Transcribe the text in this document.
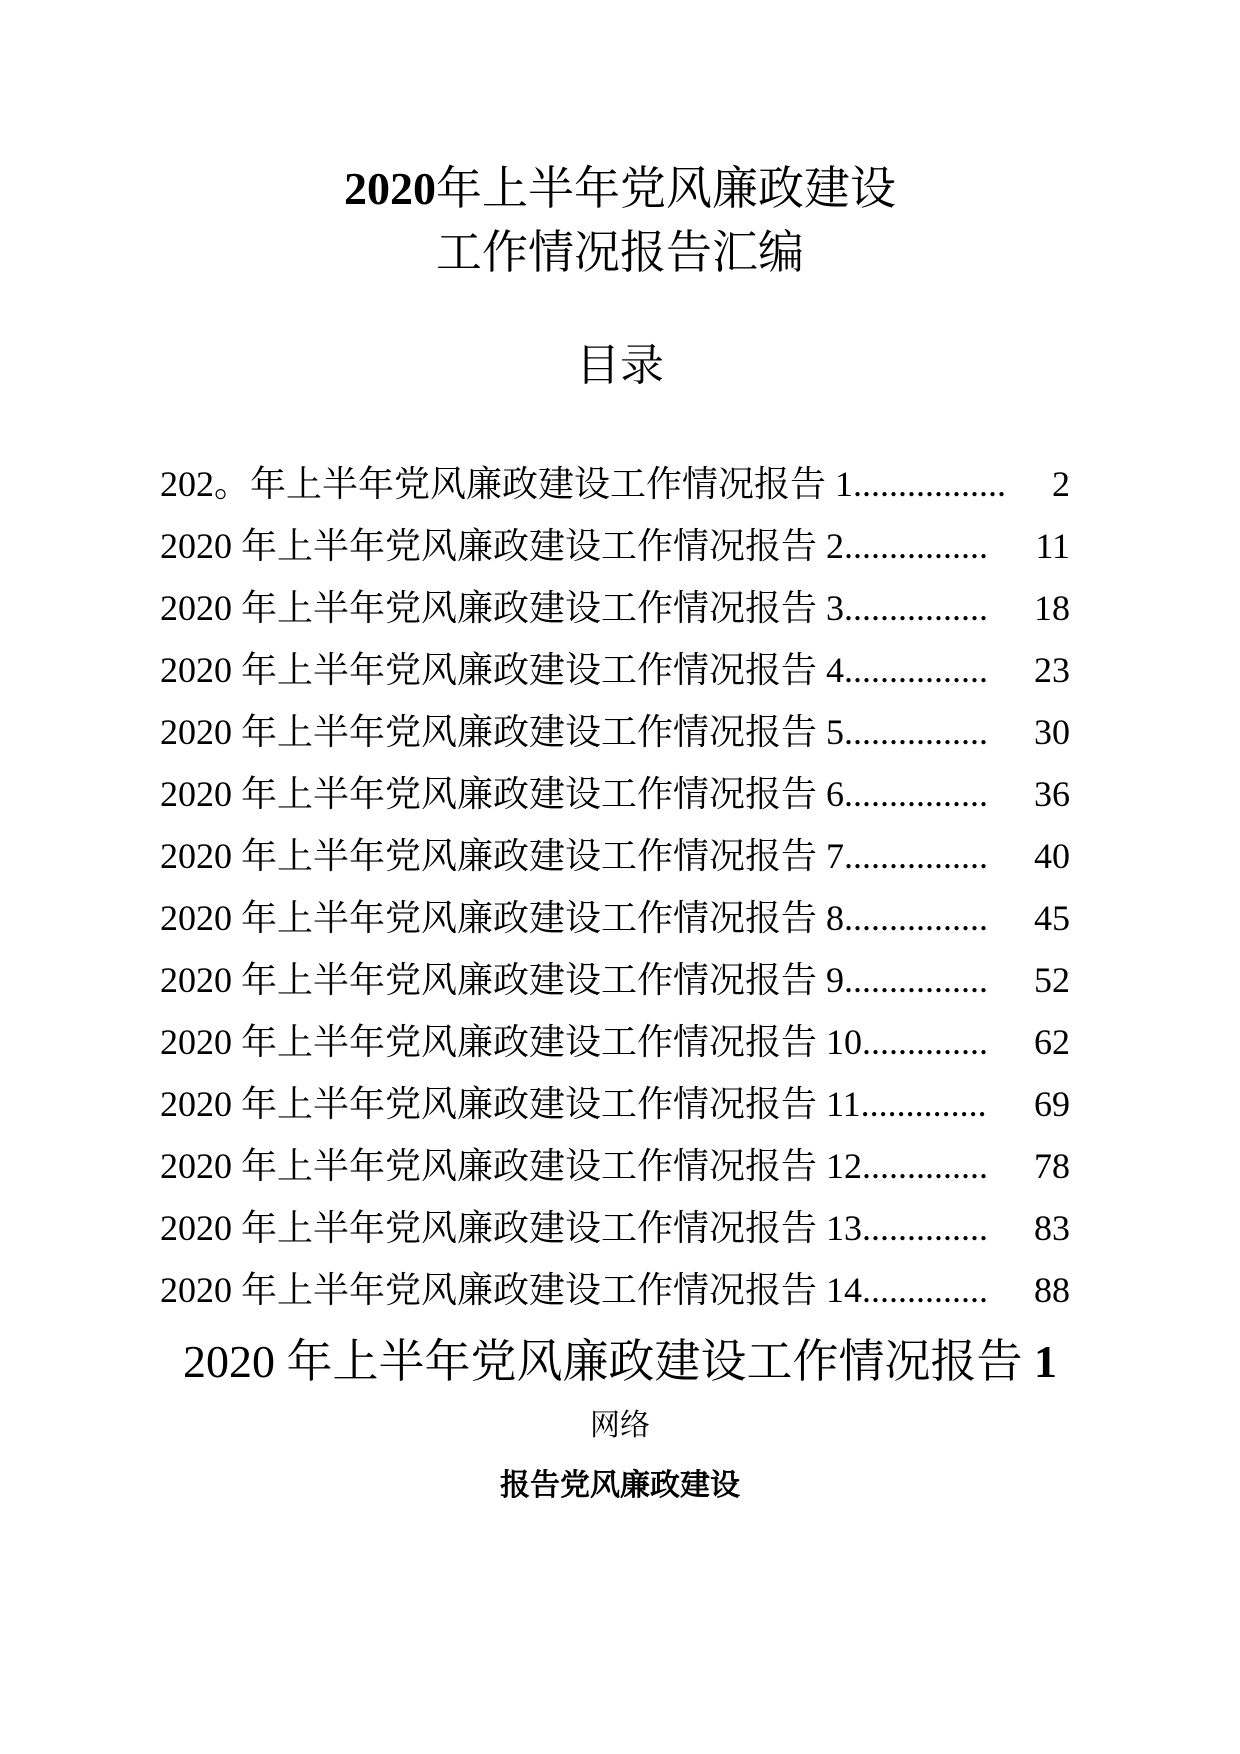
2020年上半年党风廉政建设
工作情况报告汇编
目录
2
202。年上半年党风廉政建设工作情况报告 1.................
11
2020 年上半年党风廉政建设工作情况报告 2................
18
2020 年上半年党风廉政建设工作情况报告 3................
23
2020 年上半年党风廉政建设工作情况报告 4................
30
2020 年上半年党风廉政建设工作情况报告 5................
36
2020 年上半年党风廉政建设工作情况报告 6................
40
2020 年上半年党风廉政建设工作情况报告 7................
45
2020 年上半年党风廉政建设工作情况报告 8................
52
2020 年上半年党风廉政建设工作情况报告 9................
62
2020 年上半年党风廉政建设工作情况报告 10..............
69
2020 年上半年党风廉政建设工作情况报告 11..............
78
2020 年上半年党风廉政建设工作情况报告 12..............
83
2020 年上半年党风廉政建设工作情况报告 13..............
88
2020 年上半年党风廉政建设工作情况报告 14..............
2020 年上半年党风廉政建设工作情况报告 1
网络
报告党风廉政建设
